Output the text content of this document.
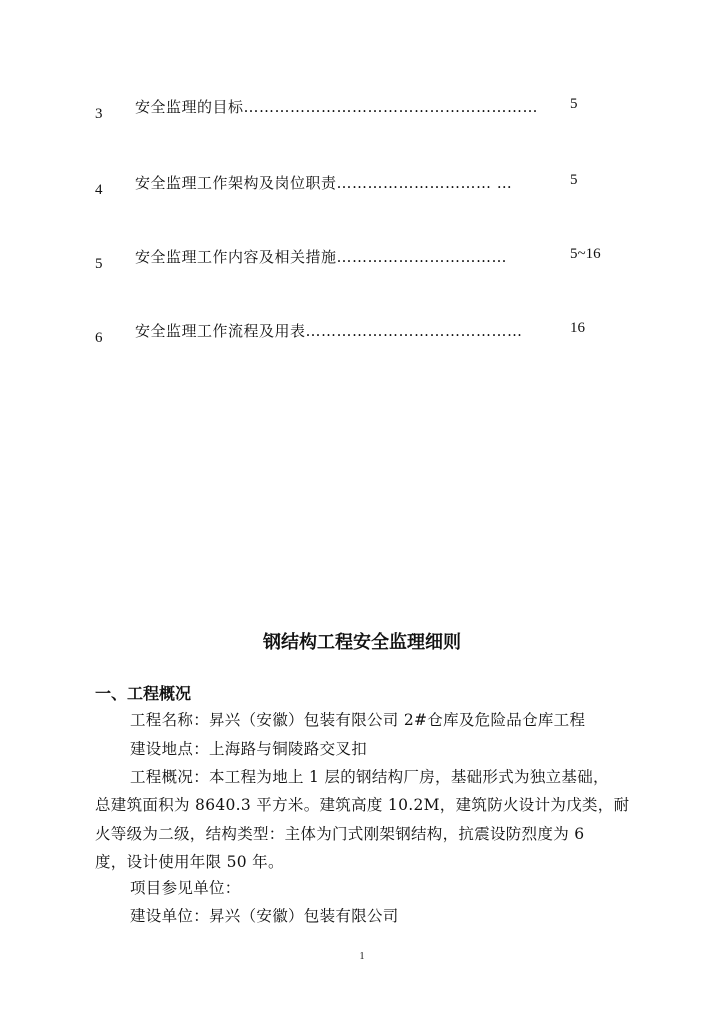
3 安全监理的目标………………………………………………… 5
4 安全监理工作架构及岗位职责………………………… …	5
5 安全监理工作内容及相关措施……………………………	5~16
6 安全监理工作流程及用表……………………………………	16
钢结构工程安全监理细则
一、工程概况
工程名称：昇兴（安徽）包装有限公司 2#仓库及危险品仓库工程
建设地点：上海路与铜陵路交叉扣
工程概况：本工程为地上 1 层的钢结构厂房，基础形式为独立基础，
总建筑面积为 8640.3 平方米。建筑高度 10.2M，建筑防火设计为戊类，耐
火等级为二级，结构类型：主体为门式刚架钢结构，抗震设防烈度为 6
度，设计使用年限 50 年。
项目参见单位：
建设单位：昇兴（安徽）包装有限公司
1
